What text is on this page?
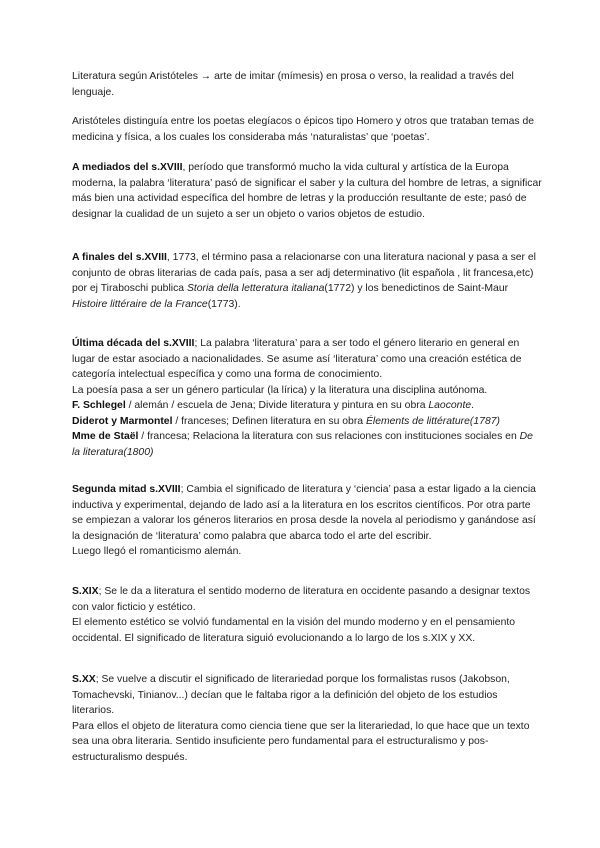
Literatura según Aristóteles → arte de imitar (mímesis) en prosa o verso, la realidad a través del lenguaje.

Aristóteles distinguía entre los poetas elegíacos o épicos tipo Homero y otros que trataban temas de medicina y física, a los cuales los consideraba más ‘naturalistas’ que ‘poetas’.

A mediados del s.XVIII, período que transformó mucho la vida cultural y artística de la Europa moderna, la palabra ‘literatura’ pasó de significar el saber y la cultura del hombre de letras, a significar más bien una actividad específica del hombre de letras y la producción resultante de este; pasó de designar la cualidad de un sujeto a ser un objeto o varios objetos de estudio.

A finales del s.XVIII, 1773, el término pasa a relacionarse con una literatura nacional y pasa a ser el conjunto de obras literarias de cada país, pasa a ser adj determinativo (lit española , lit francesa,etc)

por ej Tiraboschi publica Storia della letteratura italiana(1772) y los benedictinos de Saint-Maur Histoire littéraire de la France(1773).

Última década del s.XVIII; La palabra ‘literatura’ para a ser todo el género literario en general en lugar de estar asociado a nacionalidades. Se asume así ‘literatura’ como una creación estética de categoría intelectual específica y como una forma de conocimiento.

La poesía pasa a ser un género particular (la lírica) y la literatura una disciplina autónoma.

F. Schlegel / alemán / escuela de Jena; Divide literatura y pintura en su obra Laoconte.

Diderot y Marmontel / franceses; Definen literatura en su obra Élements de littérature(1787)

Mme de Staël / francesa; Relaciona la literatura con sus relaciones con instituciones sociales en De la literatura(1800)

Segunda mitad s.XVIII; Cambia el significado de literatura y ‘ciencia’ pasa a estar ligado a la ciencia inductiva y experimental, dejando de lado así a la literatura en los escritos científicos. Por otra parte se empiezan a valorar los géneros literarios en prosa desde la novela al periodismo y ganándose así la designación de ‘literatura’ como palabra que abarca todo el arte del escribir.

Luego llegó el romanticismo alemán.

S.XIX; Se le da a literatura el sentido moderno de literatura en occidente pasando a designar textos con valor ficticio y estético.

El elemento estético se volvió fundamental en la visión del mundo moderno y en el pensamiento occidental. El significado de literatura siguió evolucionando a lo largo de los s.XIX y XX.

S.XX; Se vuelve a discutir el significado de literariedad porque los formalistas rusos (Jakobson, Tomachevski, Tinianov...) decían que le faltaba rigor a la definición del objeto de los estudios literarios.

Para ellos el objeto de literatura como ciencia tiene que ser la literariedad, lo que hace que un texto sea una obra literaria. Sentido insuficiente pero fundamental para el estructuralismo y pos-estructuralismo después.
